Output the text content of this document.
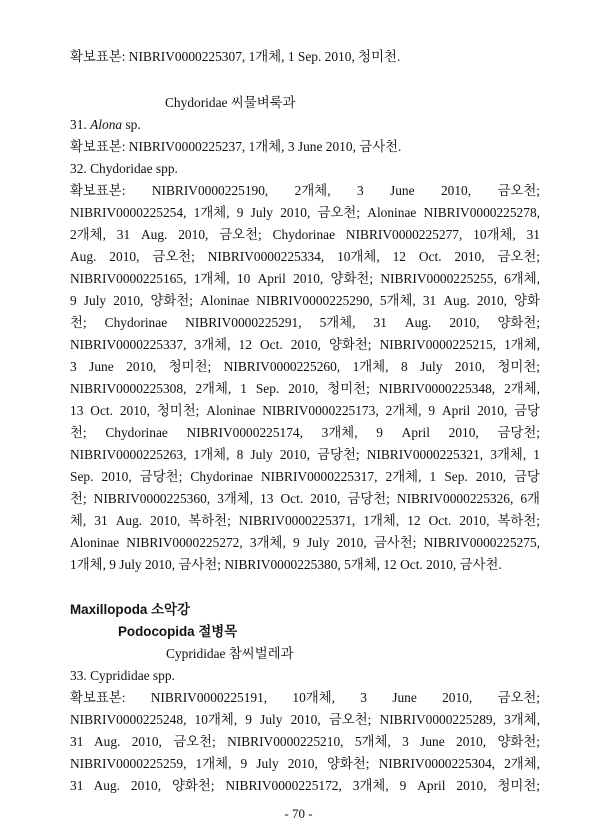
확보표본: NIBRIV0000225307, 1개체, 1 Sep. 2010, 청미천.

Chydoridae 씨물벼룩과

31. Alona sp.

확보표본: NIBRIV0000225237, 1개체, 3 June 2010, 금사천.

32. Chydoridae spp.

확보표본: NIBRIV0000225190, 2개체, 3 June 2010, 금오천;

NIBRIV0000225254, 1개체, 9 July 2010, 금오천; Aloninae NIBRIV0000225278,

2개체, 31 Aug. 2010, 금오천; Chydorinae NIBRIV0000225277, 10개체, 31

Aug. 2010, 금오천; NIBRIV0000225334, 10개체, 12 Oct. 2010, 금오천;

NIBRIV0000225165, 1개체, 10 April 2010, 양화천; NIBRIV0000225255, 6개체,

9 July 2010, 양화천; Aloninae NIBRIV0000225290, 5개체, 31 Aug. 2010, 양화

천; Chydorinae NIBRIV0000225291, 5개체, 31 Aug. 2010, 양화천;

NIBRIV0000225337, 3개체, 12 Oct. 2010, 양화천; NIBRIV0000225215, 1개체,

3 June 2010, 청미천; NIBRIV0000225260, 1개체, 8 July 2010, 청미천;

NIBRIV0000225308, 2개체, 1 Sep. 2010, 청미천; NIBRIV0000225348, 2개체,

13 Oct. 2010, 청미천; Aloninae NIBRIV0000225173, 2개체, 9 April 2010, 금당

천; Chydorinae NIBRIV0000225174, 3개체, 9 April 2010, 금당천;

NIBRIV0000225263, 1개체, 8 July 2010, 금당천; NIBRIV0000225321, 3개체, 1

Sep. 2010, 금당천; Chydorinae NIBRIV0000225317, 2개체, 1 Sep. 2010, 금당

천; NIBRIV0000225360, 3개체, 13 Oct. 2010, 금당천; NIBRIV0000225326, 6개

체, 31 Aug. 2010, 복하천; NIBRIV0000225371, 1개체, 12 Oct. 2010, 복하천;

Aloninae NIBRIV0000225272, 3개체, 9 July 2010, 금사천; NIBRIV0000225275,

1개체, 9 July 2010, 금사천; NIBRIV0000225380, 5개체, 12 Oct. 2010, 금사천.

Maxillopoda 소악강
Podocopida 절병목
Cyprididae 참씨벌레과

33. Cyprididae spp.

확보표본: NIBRIV0000225191, 10개체, 3 June 2010, 금오천;

NIBRIV0000225248, 10개체, 9 July 2010, 금오천; NIBRIV0000225289, 3개체,

31 Aug. 2010, 금오천; NIBRIV0000225210, 5개체, 3 June 2010, 양화천;

NIBRIV0000225259, 1개체, 9 July 2010, 양화천; NIBRIV0000225304, 2개체,

31 Aug. 2010, 양화천; NIBRIV0000225172, 3개체, 9 April 2010, 청미천;

- 70 -
